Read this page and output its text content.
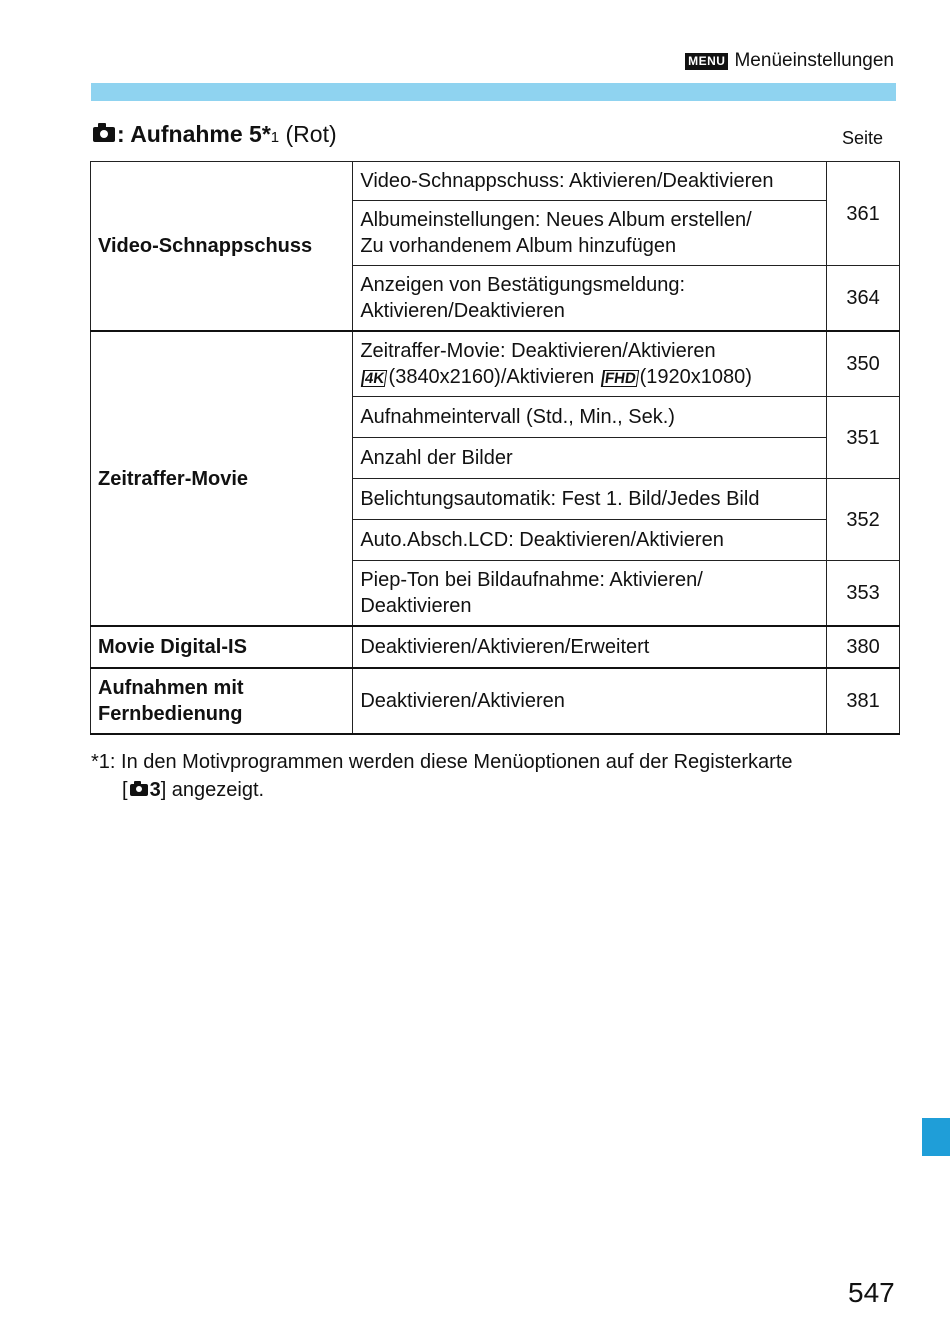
MENU Menüeinstellungen
: Aufnahme 5* 1 (Rot)	Seite
Video-Schnappschuss	Video-Schnappschuss: Aktivieren/Deaktivieren	361

	Albumeinstellungen: Neues Album erstellen/
Zu vorhandenem Album hinzufügen	

	Anzeigen von Bestätigungsmeldung:
Aktivieren/Deaktivieren	364
Zeitraffer-Movie	Zeitraffer-Movie: Deaktivieren/Aktivieren
4K (3840x2160)/Aktivieren FHD (1920x1080)	350
	Aufnahmeintervall (Std., Min., Sek.)	351
	Anzahl der Bilder	
	Belichtungsautomatik: Fest 1. Bild/Jedes Bild	352
	Auto.Absch.LCD: Deaktivieren/Aktivieren	

	Piep-Ton bei Bildaufnahme: Aktivieren/
Deaktivieren	353
Movie Digital-IS	Deaktivieren/Aktivieren/Erweitert	380

Aufnahmen mit
Fernbedienung	Deaktivieren/Aktivieren	381
*1: In den Motivprogrammen werden diese Menüoptionen auf der Registerkarte
[ 3 ] angezeigt.
547
